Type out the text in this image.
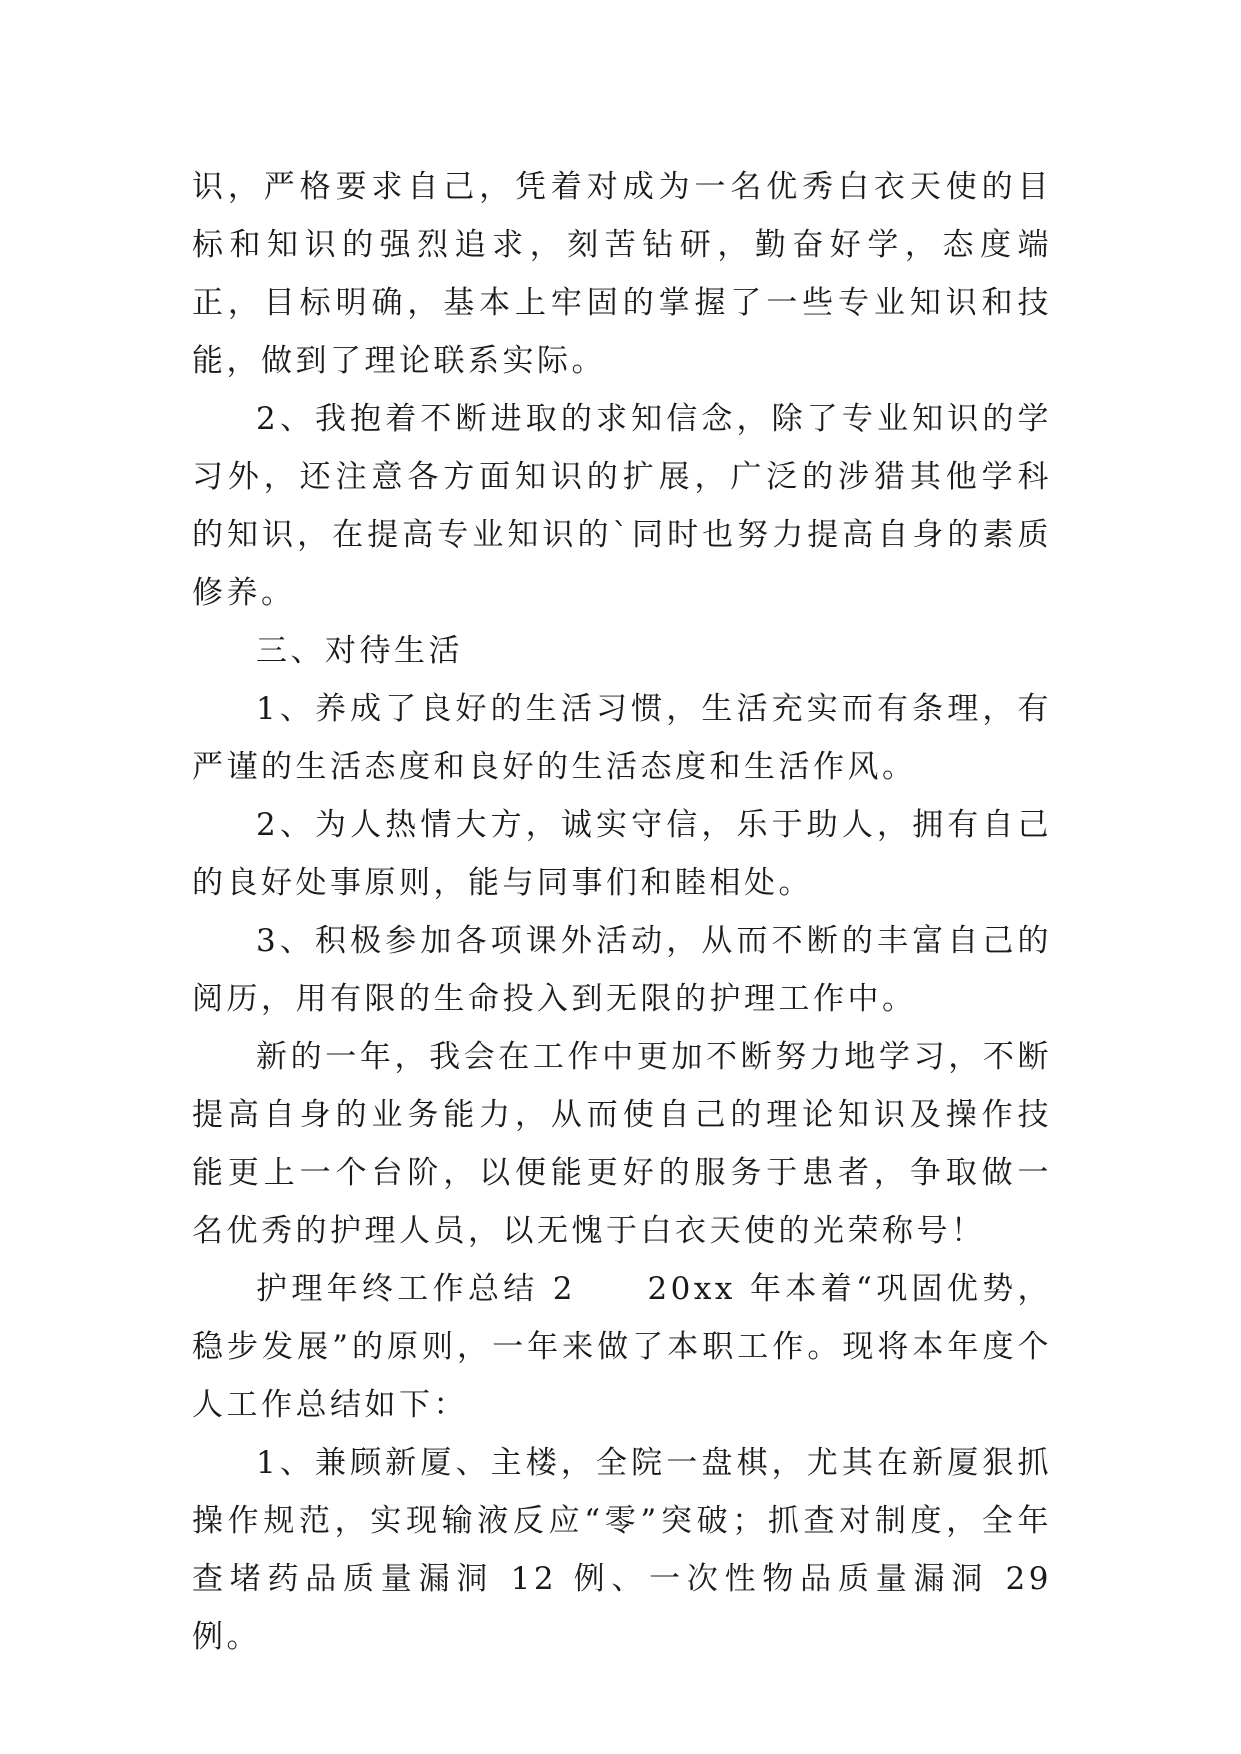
识，严格要求自己，凭着对成为一名优秀白衣天使的目标和知识的强烈追求，刻苦钻研，勤奋好学，态度端正，目标明确，基本上牢固的掌握了一些专业知识和技能，做到了理论联系实际。

2、我抱着不断进取的求知信念，除了专业知识的学习外，还注意各方面知识的扩展，广泛的涉猎其他学科的知识，在提高专业知识的`同时也努力提高自身的素质修养。

三、对待生活

1、养成了良好的生活习惯，生活充实而有条理，有严谨的生活态度和良好的生活态度和生活作风。

2、为人热情大方，诚实守信，乐于助人，拥有自己的良好处事原则，能与同事们和睦相处。

3、积极参加各项课外活动，从而不断的丰富自己的阅历，用有限的生命投入到无限的护理工作中。

新的一年，我会在工作中更加不断努力地学习，不断提高自身的业务能力，从而使自己的理论知识及操作技能更上一个台阶，以便能更好的服务于患者，争取做一名优秀的护理人员，以无愧于白衣天使的光荣称号！

护理年终工作总结 2　　20xx 年本着“巩固优势，稳步发展”的原则，一年来做了本职工作。现将本年度个人工作总结如下：

1、兼顾新厦、主楼，全院一盘棋，尤其在新厦狠抓操作规范，实现输液反应“零”突破；抓查对制度，全年查堵药品质量漏洞 12 例、一次性物品质量漏洞 29 例。
